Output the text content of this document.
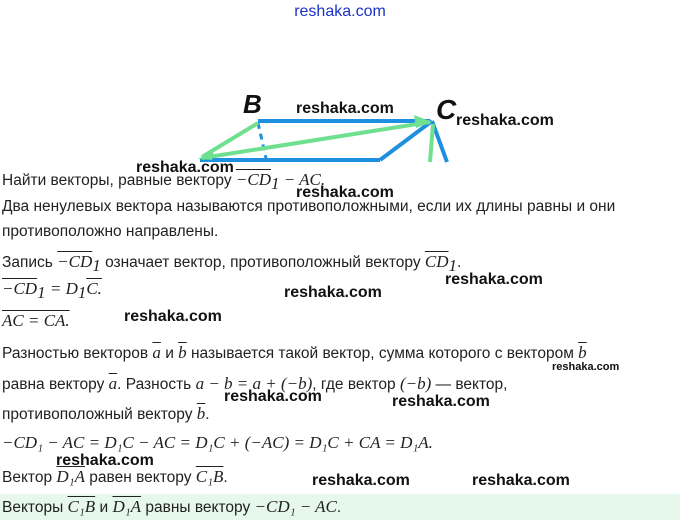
reshaka.com
B	C
reshaka.com
reshaka.com
reshaka.com
reshaka.com
reshaka.com
reshaka.com
reshaka.com
reshaka.com
reshaka.com	reshaka.com
reshaka.com
reshaka.com	reshaka.com
Найти векторы, равные вектору $-CD_1$ − AC.
Два ненулевых вектора называются противоположными, если их длины равны и они
противоположно направлены.
Запись $-CD_1$ означает вектор, противоположный вектору $\overline{CD}_1$.
$-CD_1 = D_1C$.
AC = CA.
Разностью векторов $\overline{a}$ и $\overline{b}$ называется такой вектор, сумма которого с вектором $\overline{b}$
равна вектору $\overline{a}$. Разность a − b = a + (−b), где вектор (−b) — вектор,
противоположный вектору $\overline{b}$.
−CD₁ − AC = D₁C − AC = D₁C + (−AC) = D₁C + CA = D₁A.
Вектор D₁A равен вектору C₁B.
Векторы C₁B и D₁A равны вектору −CD₁ − AC.
